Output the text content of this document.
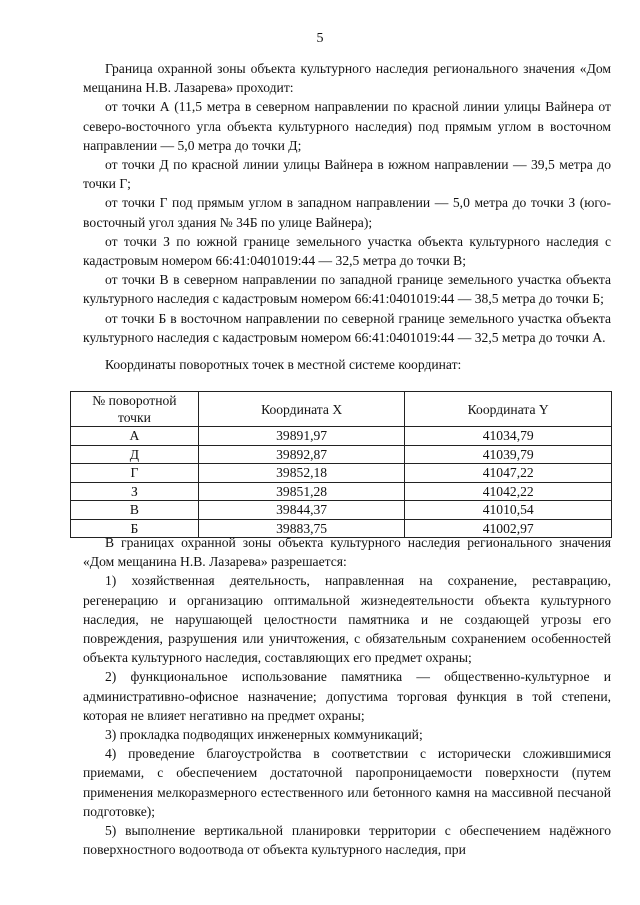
5

Граница охранной зоны объекта культурного наследия регионального значения «Дом мещанина Н.В. Лазарева» проходит:

от точки А (11,5 метра в северном направлении по красной линии улицы Вайнера от северо-восточного угла объекта культурного наследия) под прямым углом в восточном направлении — 5,0 метра до точки Д;

от точки Д по красной линии улицы Вайнера в южном направлении — 39,5 метра до точки Г;

от точки Г под прямым углом в западном направлении — 5,0 метра до точки З (юго-восточный угол здания № 34Б по улице Вайнера);

от точки З по южной границе земельного участка объекта культурного наследия с кадастровым номером 66:41:0401019:44 — 32,5 метра до точки В;

от точки В в северном направлении по западной границе земельного участка объекта культурного наследия с кадастровым номером 66:41:0401019:44 — 38,5 метра до точки Б;

от точки Б в восточном направлении по северной границе земельного участка объекта культурного наследия с кадастровым номером 66:41:0401019:44 — 32,5 метра до точки А.

Координаты поворотных точек в местной системе координат:
№ поворотной точки	Координата X	Координата Y
А	39891,97	41034,79
Д	39892,87	41039,79
Г	39852,18	41047,22
З	39851,28	41042,22
В	39844,37	41010,54
Б	39883,75	41002,97

В границах охранной зоны объекта культурного наследия регионального значения «Дом мещанина Н.В. Лазарева» разрешается:

1) хозяйственная деятельность, направленная на сохранение, реставрацию, регенерацию и организацию оптимальной жизнедеятельности объекта культурного наследия, не нарушающей целостности памятника и не создающей угрозы его повреждения, разрушения или уничтожения, с обязательным сохранением особенностей объекта культурного наследия, составляющих его предмет охраны;

2) функциональное использование памятника — общественно-культурное и административно-офисное назначение; допустима торговая функция в той степени, которая не влияет негативно на предмет охраны;

3) прокладка подводящих инженерных коммуникаций;

4) проведение благоустройства в соответствии с исторически сложившимися приемами, с обеспечением достаточной паропроницаемости поверхности (путем применения мелкоразмерного естественного или бетонного камня на массивной песчаной подготовке);

5) выполнение вертикальной планировки территории с обеспечением надёжного поверхностного водоотвода от объекта культурного наследия, при
